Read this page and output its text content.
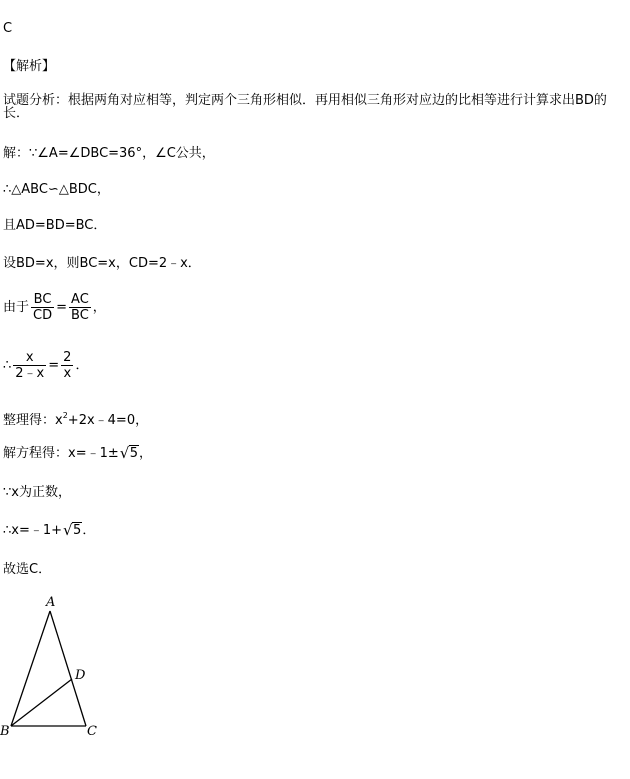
C
【解析】
试题分析：根据两角对应相等，判定两个三角形相似．再用相似三角形对应边的比相等进行计算求出BD的长．
解：∵∠A=∠DBC=36°，∠C公共，
∴△ABC∽△BDC，
且AD=BD=BC．
设BD=x，则BC=x，CD=2﹣x．
由于 $\frac{BC}{CD} = \frac{AC}{BC}$ ，
∴ $\frac{x}{2﹣x} = \frac{2}{x}$ ．
整理得：$x^2+2x﹣4=0$，
解方程得：x=﹣1± √ 5，
∵x为正数，
∴x=﹣1+ √ 5．
故选C．
A
B	C
D
